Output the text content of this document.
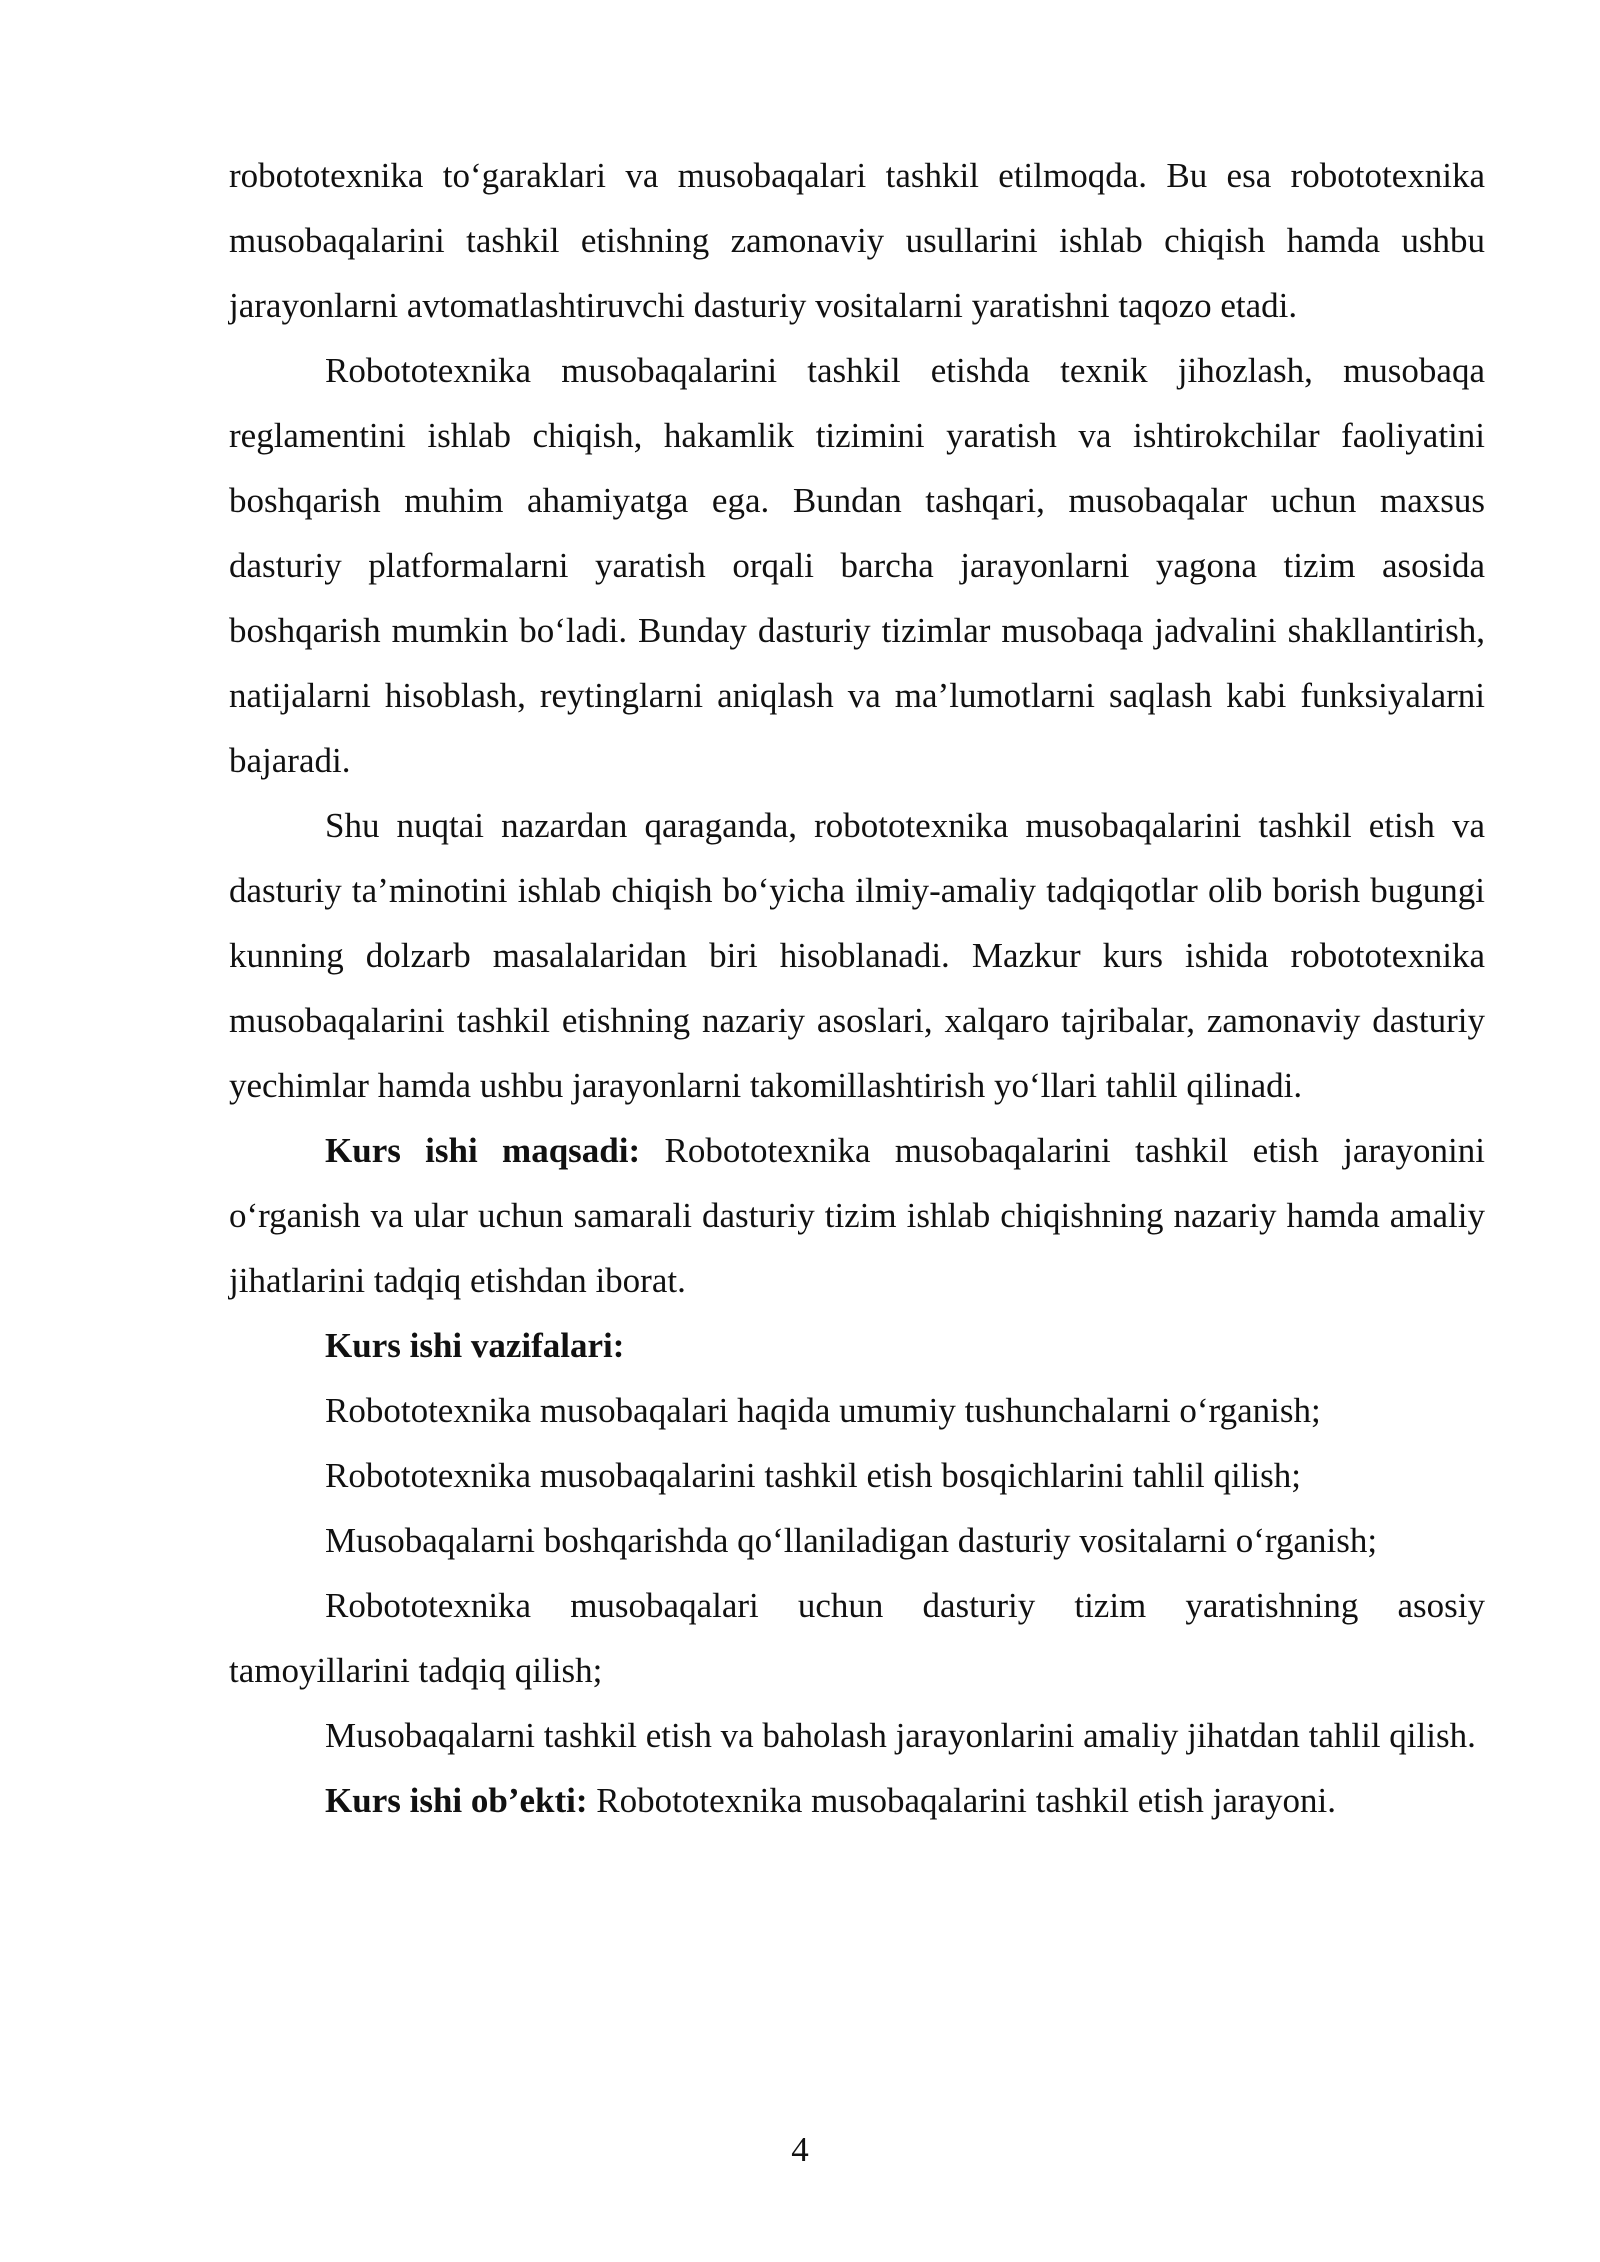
robototexnika to‘garaklari va musobaqalari tashkil etilmoqda. Bu esa robototexnika musobaqalarini tashkil etishning zamonaviy usullarini ishlab chiqish hamda ushbu jarayonlarni avtomatlashtiruvchi dasturiy vositalarni yaratishni taqozo etadi.

Robototexnika musobaqalarini tashkil etishda texnik jihozlash, musobaqa reglamentini ishlab chiqish, hakamlik tizimini yaratish va ishtirokchilar faoliyatini boshqarish muhim ahamiyatga ega. Bundan tashqari, musobaqalar uchun maxsus dasturiy platformalarni yaratish orqali barcha jarayonlarni yagona tizim asosida boshqarish mumkin bo‘ladi. Bunday dasturiy tizimlar musobaqa jadvalini shakllantirish, natijalarni hisoblash, reytinglarni aniqlash va ma’lumotlarni saqlash kabi funksiyalarni bajaradi.

Shu nuqtai nazardan qaraganda, robototexnika musobaqalarini tashkil etish va dasturiy ta’minotini ishlab chiqish bo‘yicha ilmiy-amaliy tadqiqotlar olib borish bugungi kunning dolzarb masalalaridan biri hisoblanadi. Mazkur kurs ishida robototexnika musobaqalarini tashkil etishning nazariy asoslari, xalqaro tajribalar, zamonaviy dasturiy yechimlar hamda ushbu jarayonlarni takomillashtirish yo‘llari tahlil qilinadi.

Kurs ishi maqsadi: Robototexnika musobaqalarini tashkil etish jarayonini o‘rganish va ular uchun samarali dasturiy tizim ishlab chiqishning nazariy hamda amaliy jihatlarini tadqiq etishdan iborat.

Kurs ishi vazifalari:

Robototexnika musobaqalari haqida umumiy tushunchalarni o‘rganish;

Robototexnika musobaqalarini tashkil etish bosqichlarini tahlil qilish;

Musobaqalarni boshqarishda qo‘llaniladigan dasturiy vositalarni o‘rganish;

Robototexnika musobaqalari uchun dasturiy tizim yaratishning asosiy tamoyillarini tadqiq qilish;

Musobaqalarni tashkil etish va baholash jarayonlarini amaliy jihatdan tahlil qilish.

Kurs ishi ob’ekti: Robototexnika musobaqalarini tashkil etish jarayoni.

4
